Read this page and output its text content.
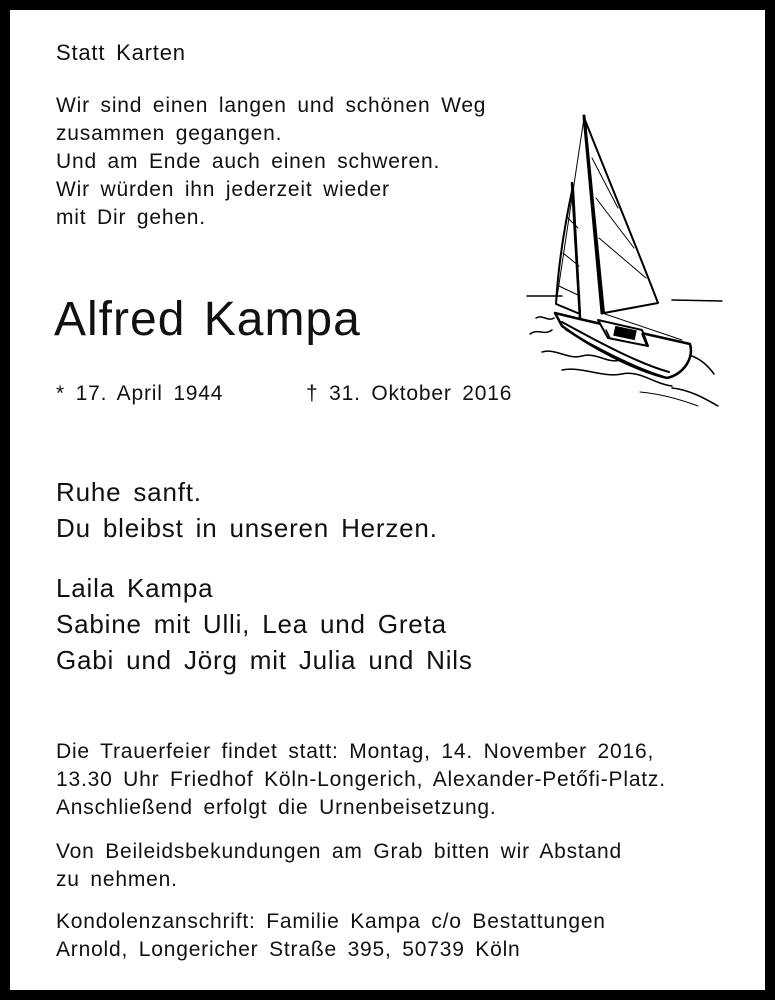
Statt Karten
Wir sind einen langen und schönen Weg
zusammen gegangen.
Und am Ende auch einen schweren.
Wir würden ihn jederzeit wieder
mit Dir gehen.
Alfred Kampa
* 17. April 1944	† 31. Oktober 2016
Ruhe sanft.
Du bleibst in unseren Herzen.
Laila Kampa
Sabine mit Ulli, Lea und Greta
Gabi und Jörg mit Julia und Nils
Die Trauerfeier findet statt: Montag, 14. November 2016,
13.30 Uhr Friedhof Köln-Longerich, Alexander-Petőfi-Platz.
Anschließend erfolgt die Urnenbeisetzung.
Von Beileidsbekundungen am Grab bitten wir Abstand
zu nehmen.
Kondolenzanschrift: Familie Kampa c/o Bestattungen
Arnold, Longericher Straße 395, 50739 Köln
